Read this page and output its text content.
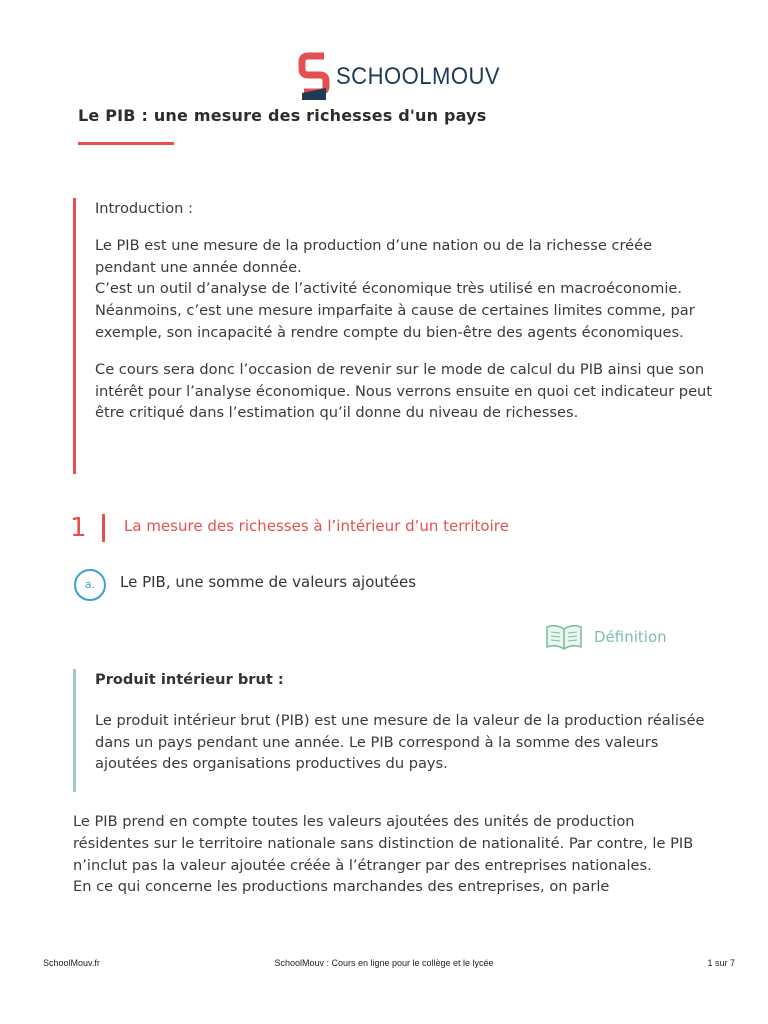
SCHOOLMOUV
Le PIB : une mesure des richesses d'un pays

Introduction :

Le PIB est une mesure de la production d’une nation ou de la richesse créée pendant une année donnée.

C’est un outil d’analyse de l’activité économique très utilisé en macroéconomie. Néanmoins, c’est une mesure imparfaite à cause de certaines limites comme, par exemple, son incapacité à rendre compte du bien-être des agents économiques.

Ce cours sera donc l’occasion de revenir sur le mode de calcul du PIB ainsi que son intérêt pour l’analyse économique. Nous verrons ensuite en quoi cet indicateur peut être critiqué dans l’estimation qu’il donne du niveau de richesses.

1 La mesure des richesses à l’intérieur d’un territoire
a.	Le PIB, une somme de valeurs ajoutées
Définition

Produit intérieur brut :

Le produit intérieur brut (PIB) est une mesure de la valeur de la production réalisée dans un pays pendant une année. Le PIB correspond à la somme des valeurs ajoutées des organisations productives du pays.

Le PIB prend en compte toutes les valeurs ajoutées des unités de production résidentes sur le territoire nationale sans distinction de nationalité. Par contre, le PIB n’inclut pas la valeur ajoutée créée à l’étranger par des entreprises nationales.

En ce qui concerne les productions marchandes des entreprises, on parle

SchoolMouv.fr	SchoolMouv : Cours en ligne pour le collège et le lycée	1 sur 7
